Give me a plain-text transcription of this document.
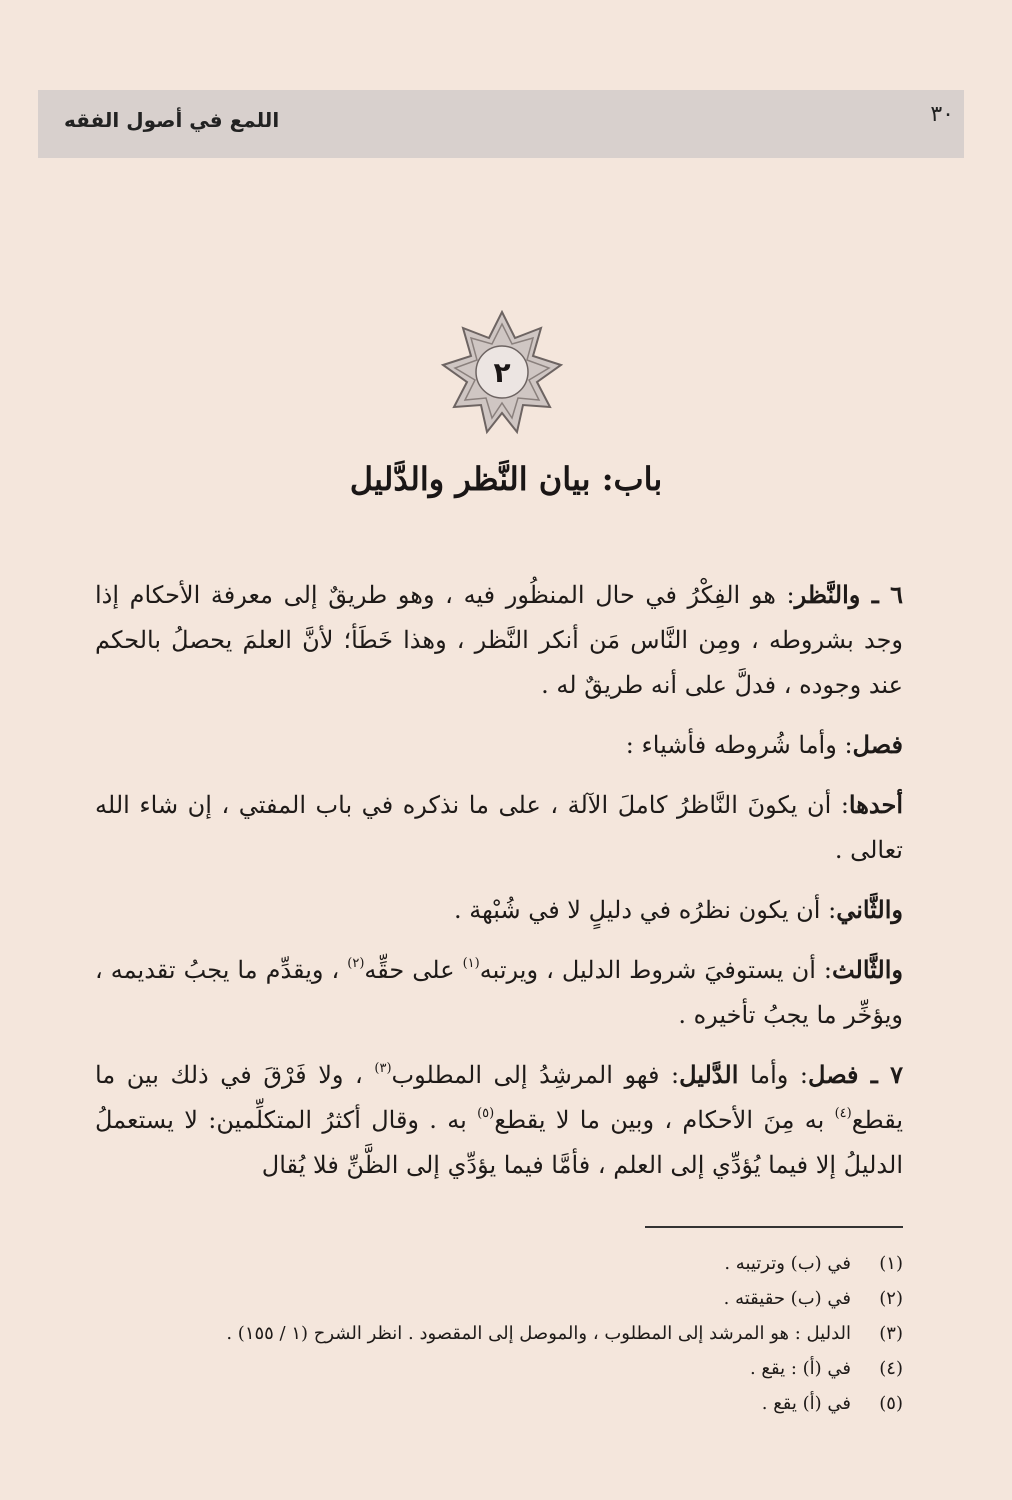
٣٠
اللمع في أصول الفقه
٢
باب: بيان النَّظر والدَّليل

٦ ـ والنَّظر: هو الفِكْرُ في حال المنظُور فيه ، وهو طريقٌ إلى معرفة الأحكام إذا وجد بشروطه ، ومِن النَّاس مَن أنكر النَّظر ، وهذا خَطَأ؛ لأنَّ العلمَ يحصلُ بالحكم عند وجوده ، فدلَّ على أنه طريقٌ له .

فصل: وأما شُروطه فأشياء :

أحدها: أن يكونَ النَّاظرُ كاملَ الآلة ، على ما نذكره في باب المفتي ، إن شاء الله تعالى .

والثَّاني: أن يكون نظرُه في دليلٍ لا في شُبْهة .

والثَّالث: أن يستوفيَ شروط الدليل ، ويرتبه$^{(١)}$ على حقِّه$^{(٢)}$ ، ويقدِّم ما يجبُ تقديمه ، ويؤخِّر ما يجبُ تأخيره .

٧ ـ فصل: وأما الدَّليل: فهو المرشِدُ إلى المطلوب$^{(٣)}$ ، ولا فَرْقَ في ذلك بين ما يقطع$^{(٤)}$ به مِنَ الأحكام ، وبين ما لا يقطع$^{(٥)}$ به . وقال أكثرُ المتكلِّمين: لا يستعملُ الدليلُ إلا فيما يُؤدِّي إلى العلم ، فأمَّا فيما يؤدِّي إلى الظَّنِّ فلا يُقال

(١)
في (ب) وترتيبه .
(٢)
في (ب) حقيقته .
(٣)
الدليل : هو المرشد إلى المطلوب ، والموصل إلى المقصود . انظر الشرح (١ / ١٥٥) .
(٤)
في (أ) : يقع .
(٥)
في (أ) يقع .
